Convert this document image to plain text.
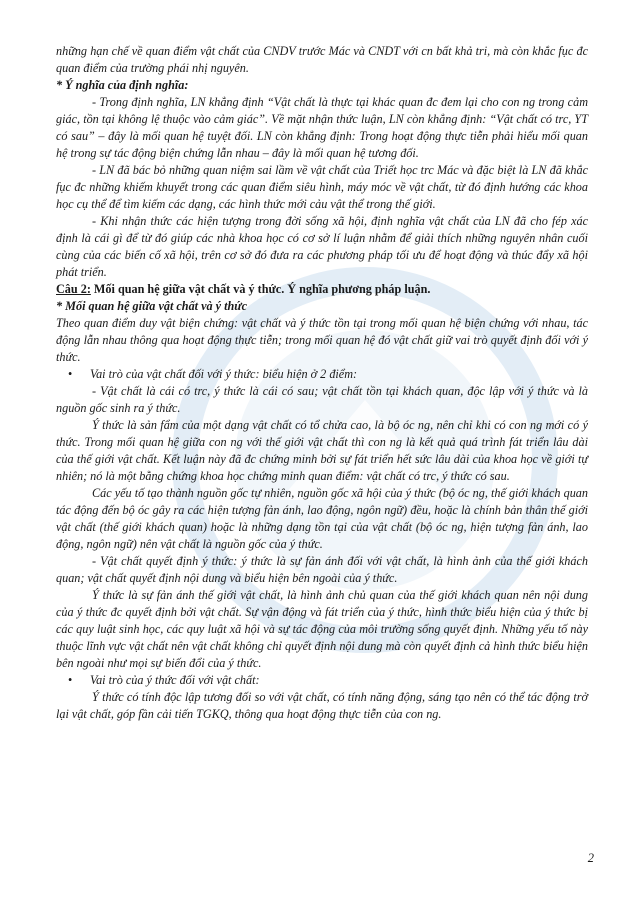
những hạn chế về quan điểm vật chất của CNDV trước Mác và CNDT với cn bất khả tri, mà còn khắc fục đc quan điểm của trường phái nhị nguyên.

* Ý nghĩa của định nghĩa:

- Trong định nghĩa, LN khẳng định “Vật chất là thực tại khác quan đc đem lại cho con ng trong cảm giác, tồn tại không lệ thuộc vào cảm giác”. Về mặt nhận thức luận, LN còn khẳng định: “Vật chất có trc, YT có sau” – đây là mối quan hệ tuyệt đối. LN còn khẳng định: Trong hoạt động thực tiễn phải hiểu mối quan hệ trong sự tác động biện chứng lẫn nhau – đây là mối quan hệ tương đối.

- LN đã bác bỏ những quan niệm sai lầm về vật chất của Triết học trc Mác và đặc biệt là LN đã khắc fục đc những khiếm khuyết trong các quan điểm siêu hình, máy móc về vật chất, từ đó định hướng các khoa học cụ thể để tìm kiếm các dạng, các hình thức mới cảu vật thể trong thế giới.

- Khi nhận thức các hiện tượng trong đời sống xã hội, định nghĩa vật chất của LN đã cho fép xác định là cái gì để từ đó giúp các nhà khoa học có cơ sở lí luận nhằm để giải thích những nguyên nhân cuối cùng của các biến cố xã hội, trên cơ sở đó đưa ra các phương pháp tối ưu để hoạt động và thúc đẩy xã hội phát triển.

Câu 2: Mối quan hệ giữa vật chất và ý thức. Ý nghĩa phương pháp luận.

* Mối quan hệ giữa vật chất và ý thức

Theo quan điểm duy vật biện chứng: vật chất và ý thức tồn tại trong mối quan hệ biện chứng với nhau, tác động lẫn nhau thông qua hoạt động thực tiễn; trong mối quan hệ đó vật chất giữ vai trò quyết định đối với ý thức.

•	Vai trò của vật chất đối với ý thức: biểu hiện ở 2 điểm:

- Vật chất là cái có trc, ý thức là cái có sau; vật chất tồn tại khách quan, độc lập với ý thức và là nguồn gốc sinh ra ý thức.

Ý thức là sản fẩm của một dạng vật chất có tổ chửa cao, là bộ óc ng, nên chỉ khi có con ng mới có ý thức. Trong mối quan hệ giữa con ng với thế giới vật chất thì con ng là kết quả quá trình fát triển lâu dài của thế giới vật chất. Kết luận này đã đc chứng minh bởi sự fát triển hết sức lâu dài của khoa học về giới tự nhiên; nó là một bằng chứng khoa học chứng minh quan điểm: vật chất có trc, ý thức có sau.

Các yếu tố tạo thành nguồn gốc tự nhiên, nguồn gốc xã hội của ý thức (bộ óc ng, thế giới khách quan tác động đến bộ óc gây ra các hiện tượng fản ánh, lao động, ngôn ngữ) đều, hoặc là chính bản thân thế giới vật chất (thế giới khách quan) hoặc là những dạng tồn tại của vật chất (bộ óc ng, hiện tượng fản ánh, lao động, ngôn ngữ) nên vật chất là nguồn gốc của ý thức.

- Vật chất quyết định ý thức: ý thức là sự fản ánh đối với vật chất, là hình ảnh của thế giới khách quan; vật chất quyết định nội dung và biểu hiện bên ngoài của ý thức.

Ý thức là sự fản ánh thế giới vật chất, là hình ảnh chủ quan của thế giới khách quan nên nội dung của ý thức đc quyết định bởi vật chất. Sự vận động và fát triển của ý thức, hình thức biểu hiện của ý thức bị các quy luật sinh học, các quy luật xã hội và sự tác động của môi trường sống quyết định. Những yếu tố này thuộc lĩnh vực vật chất nên vật chất không chỉ quyết định nội dung mà còn quyết định cả hình thức biểu hiện bên ngoài như mọi sự biến đổi của ý thức.

•	Vai trò của ý thức đối với vật chất:

Ý thức có tính độc lập tương đối so với vật chất, có tính năng động, sáng tạo nên có thể tác động trở lại vật chất, góp fần cải tiến TGKQ, thông qua hoạt động thực tiễn của con ng.

2
